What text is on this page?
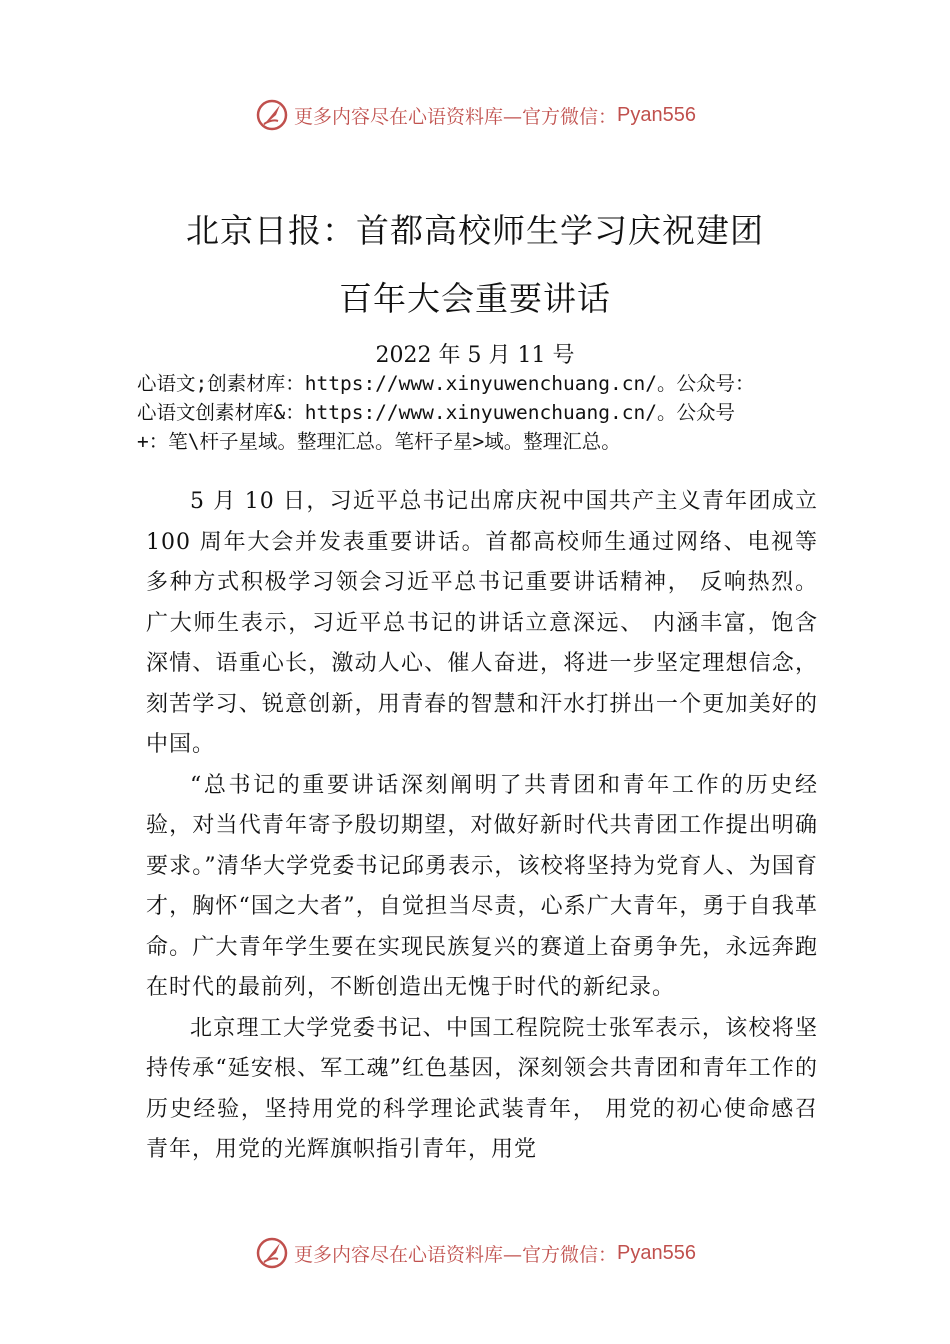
更多内容尽在心语资料库—官方微信： Pyan556
北京日报：首都高校师生学习庆祝建团
百年大会重要讲话
2022 年 5 月 11 号
心语文;创素材库：https://www.xinyuwenchuang.cn/。公众号：
心语文创素材库&：https://www.xinyuwenchuang.cn/。公众号
+：笔\杆子星域。整理汇总。笔杆子星>域。整理汇总。

5 月 10 日，习近平总书记出席庆祝中国共产主义青年团成立 100 周年大会并发表重要讲话。首都高校师生通过网络、电视等多种方式积极学习领会习近平总书记重要讲话精神， 反响热烈。广大师生表示，习近平总书记的讲话立意深远、 内涵丰富，饱含深情、语重心长，激动人心、催人奋进，将进一步坚定理想信念，刻苦学习、锐意创新，用青春的智慧和汗水打拼出一个更加美好的中国。

“总书记的重要讲话深刻阐明了共青团和青年工作的历史经验，对当代青年寄予殷切期望，对做好新时代共青团工作提出明确要求。”清华大学党委书记邱勇表示，该校将坚持为党育人、为国育才，胸怀“国之大者”，自觉担当尽责，心系广大青年，勇于自我革命。广大青年学生要在实现民族复兴的赛道上奋勇争先，永远奔跑在时代的最前列，不断创造出无愧于时代的新纪录。

北京理工大学党委书记、中国工程院院士张军表示，该校将坚持传承“延安根、军工魂”红色基因，深刻领会共青团和青年工作的历史经验，坚持用党的科学理论武装青年， 用党的初心使命感召青年，用党的光辉旗帜指引青年，用党

更多内容尽在心语资料库—官方微信： Pyan556
